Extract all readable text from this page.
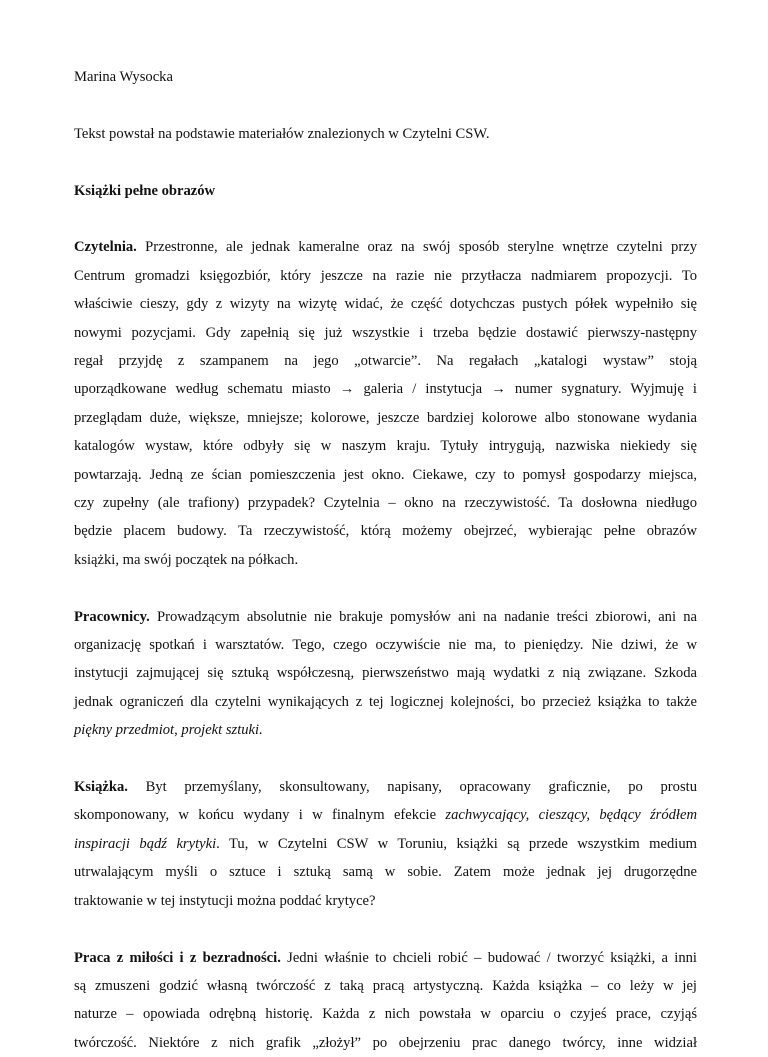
Marina Wysocka

Tekst powstał na podstawie materiałów znalezionych w Czytelni CSW.

Książki pełne obrazów

Czytelnia. Przestronne, ale jednak kameralne oraz na swój sposób sterylne wnętrze czytelni przy

Centrum gromadzi księgozbiór, który jeszcze na razie nie przytłacza nadmiarem propozycji. To

właściwie cieszy, gdy z wizyty na wizytę widać, że część dotychczas pustych półek wypełniło się

nowymi pozycjami. Gdy zapełnią się już wszystkie i trzeba będzie dostawić pierwszy-następny

regał przyjdę z szampanem na jego „otwarcie”. Na regałach „katalogi wystaw” stoją

uporządkowane według schematu miasto → galeria / instytucja → numer sygnatury. Wyjmuję i

przeglądam duże, większe, mniejsze; kolorowe, jeszcze bardziej kolorowe albo stonowane wydania

katalogów wystaw, które odbyły się w naszym kraju. Tytuły intrygują, nazwiska niekiedy się

powtarzają. Jedną ze ścian pomieszczenia jest okno. Ciekawe, czy to pomysł gospodarzy miejsca,

czy zupełny (ale trafiony) przypadek? Czytelnia – okno na rzeczywistość. Ta dosłowna niedługo

będzie placem budowy. Ta rzeczywistość, którą możemy obejrzeć, wybierając pełne obrazów

książki, ma swój początek na półkach.

Pracownicy. Prowadzącym absolutnie nie brakuje pomysłów ani na nadanie treści zbiorowi, ani na

organizację spotkań i warsztatów. Tego, czego oczywiście nie ma, to pieniędzy. Nie dziwi, że w

instytucji zajmującej się sztuką współczesną, pierwszeństwo mają wydatki z nią związane. Szkoda

jednak ograniczeń dla czytelni wynikających z tej logicznej kolejności, bo przecież książka to także

piękny przedmiot, projekt sztuki.

Książka. Byt przemyślany, skonsultowany, napisany, opracowany graficznie, po prostu

skomponowany, w końcu wydany i w finalnym efekcie zachwycający, cieszący, będący źródłem

inspiracji bądź krytyki. Tu, w Czytelni CSW w Toruniu, książki są przede wszystkim medium

utrwalającym myśli o sztuce i sztuką samą w sobie. Zatem może jednak jej drugorzędne

traktowanie w tej instytucji można poddać krytyce?

Praca z miłości i z bezradności. Jedni właśnie to chcieli robić – budować / tworzyć książki, a inni

są zmuszeni godzić własną twórczość z taką pracą artystyczną. Każda książka – co leży w jej

naturze – opowiada odrębną historię. Każda z nich powstała w oparciu o czyjeś prace, czyjąś

twórczość. Niektóre z nich grafik „złożył” po obejrzeniu prac danego twórcy, inne widział
